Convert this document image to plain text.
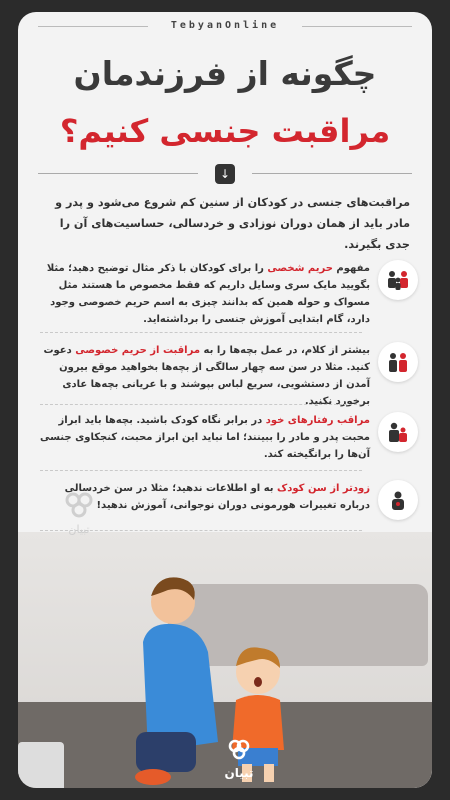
TebyanOnline
چگونه از فرزندمان
مراقبت جنسی کنیم؟
↓
مراقبت‌های جنسی در کودکان از سنین کم شروع می‌شود و پدر و مادر باید از همان دوران نوزادی و خردسالی، حساسیت‌های آن را جدی بگیرند.
مفهوم حریم شخصی را برای کودکان با ذکر مثال توضیح دهید؛ مثلا بگویید مایک سری وسایل داریم که فقط مخصوص ما هستند مثل مسواک و حوله همین که بدانند چیزی به اسم حریم خصوصی وجود دارد، گام ابتدایی آموزش جنسی را برداشته‌اید.
بیشتر از کلام، در عمل بچه‌ها را به مراقبت از حریم خصوصی دعوت کنید. مثلا در سن سه چهار سالگی از بچه‌ها بخواهید موقع بیرون آمدن از دستشویی، سریع لباس بپوشند و با عریانی بچه‌ها عادی برخورد نکنید.
مراقب رفتارهای خود در برابر نگاه کودک باشید. بچه‌ها باید ابراز محبت پدر و مادر را ببینند؛ اما نباید این ابراز محبت، کنجکاوی جنسی آن‌ها را برانگیخته کند.
زودتر از سن کودک به او اطلاعات ندهید؛ مثلا در سن خردسالی درباره تغییرات هورمونی دوران نوجوانی، آموزش ندهید!
تبیان
تبیان
